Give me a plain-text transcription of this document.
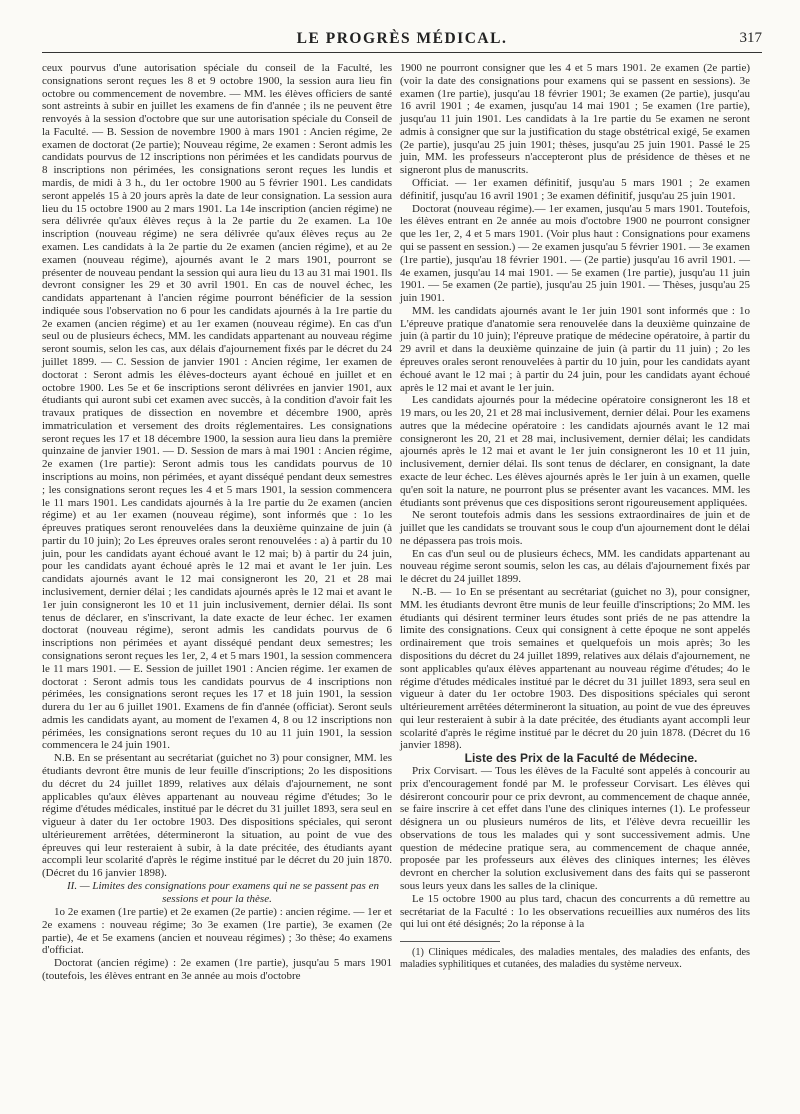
LE PROGRÈS MÉDICAL.	317

ceux pourvus d'une autorisation spéciale du conseil de la Faculté, les consignations seront reçues les 8 et 9 octobre 1900, la session aura lieu fin octobre ou commencement de novembre. — MM. les élèves officiers de santé sont astreints à subir en juillet les examens de fin d'année ; ils ne peuvent être renvoyés à la session d'octobre que sur une autorisation spéciale du Conseil de la Faculté. — B. Session de novembre 1900 à mars 1901 : Ancien régime, 2e examen de doctorat (2e partie); Nouveau régime, 2e examen : Seront admis les candidats pourvus de 12 inscriptions non périmées et les candidats pourvus de 8 inscriptions non périmées, les consignations seront reçues les lundis et mardis, de midi à 3 h., du 1er octobre 1900 au 5 février 1901. Les candidats seront appelés 15 à 20 jours après la date de leur consignation. La session aura lieu du 15 octobre 1900 au 2 mars 1901. La 14e inscription (ancien régime) ne sera délivrée qu'aux élèves reçus à la 2e partie du 2e examen. La 10e inscription (nouveau régime) ne sera délivrée qu'aux élèves reçus au 2e examen. Les candidats à la 2e partie du 2e examen (ancien régime), et au 2e examen (nouveau régime), ajournés avant le 2 mars 1901, pourront se présenter de nouveau pendant la session qui aura lieu du 13 au 31 mai 1901. Ils devront consigner les 29 et 30 avril 1901. En cas de nouvel échec, les candidats appartenant à l'ancien régime pourront bénéficier de la session indiquée sous l'observation no 6 pour les candidats ajournés à la 1re partie du 2e examen (ancien régime) et au 1er examen (nouveau régime). En cas d'un seul ou de plusieurs échecs, MM. les candidats appartenant au nouveau régime seront soumis, selon les cas, aux délais d'ajournement fixés par le décret du 24 juillet 1899. — C. Session de janvier 1901 : Ancien régime, 1er examen de doctorat : Seront admis les élèves-docteurs ayant échoué en juillet et en octobre 1900. Les 5e et 6e inscriptions seront délivrées en janvier 1901, aux étudiants qui auront subi cet examen avec succès, à la condition d'avoir fait les travaux pratiques de dissection en novembre et décembre 1900, après immatriculation et versement des droits réglementaires. Les consignations seront reçues les 17 et 18 décembre 1900, la session aura lieu dans la première quinzaine de janvier 1901. — D. Session de mars à mai 1901 : Ancien régime, 2e examen (1re partie): Seront admis tous les candidats pourvus de 10 inscriptions au moins, non périmées, et ayant disséqué pendant deux semestres ; les consignations seront reçues les 4 et 5 mars 1901, la session commencera le 11 mars 1901. Les candidats ajournés à la 1re partie du 2e examen (ancien régime) et au 1er examen (nouveau régime), sont informés que : 1o les épreuves pratiques seront renouvelées dans la deuxième quinzaine de juin (à partir du 10 juin); 2o Les épreuves orales seront renouvelées : a) à partir du 10 juin, pour les candidats ayant échoué avant le 12 mai; b) à partir du 24 juin, pour les candidats ayant échoué après le 12 mai et avant le 1er juin. Les candidats ajournés avant le 12 mai consigneront les 20, 21 et 28 mai inclusivement, dernier délai ; les candidats ajournés après le 12 mai et avant le 1er juin consigneront les 10 et 11 juin inclusivement, dernier délai. Ils sont tenus de déclarer, en s'inscrivant, la date exacte de leur échec. 1er examen doctorat (nouveau régime), seront admis les candidats pourvus de 6 inscriptions non périmées et ayant disséqué pendant deux semestres; les consignations seront reçues les 1er, 2, 4 et 5 mars 1901, la session commencera le 11 mars 1901. — E. Session de juillet 1901 : Ancien régime. 1er examen de doctorat : Seront admis tous les candidats pourvus de 4 inscriptions non périmées, les consignations seront reçues les 17 et 18 juin 1901, la session durera du 1er au 6 juillet 1901. Examens de fin d'année (officiat). Seront seuls admis les candidats ayant, au moment de l'examen 4, 8 ou 12 inscriptions non périmées, les consignations seront reçues du 10 au 11 juin 1901, la session commencera le 24 juin 1901.

N.B. En se présentant au secrétariat (guichet no 3) pour consigner, MM. les étudiants devront être munis de leur feuille d'inscriptions; 2o les dispositions du décret du 24 juillet 1899, relatives aux délais d'ajournement, ne sont applicables qu'aux élèves appartenant au nouveau régime d'études; 3o le régime d'études médicales, institué par le décret du 31 juillet 1893, sera seul en vigueur à dater du 1er octobre 1903. Des dispositions spéciales, qui seront ultérieurement arrêtées, détermineront la situation, au point de vue des épreuves qui leur resteraient à subir, à la date précitée, des étudiants ayant accompli leur scolarité d'après le régime institué par le décret du 20 juin 1870. (Décret du 16 janvier 1898).

II. — Limites des consignations pour examens qui ne se passent pas en sessions et pour la thèse.

1o 2e examen (1re partie) et 2e examen (2e partie) : ancien régime. — 1er et 2e examens : nouveau régime; 3o 3e examen (1re partie), 3e examen (2e partie), 4e et 5e examens (ancien et nouveau régimes) ; 3o thèse; 4o examens d'officiat.

Doctorat (ancien régime) : 2e examen (1re partie), jusqu'au 5 mars 1901 (toutefois, les élèves entrant en 3e année au mois d'octobre

1900 ne pourront consigner que les 4 et 5 mars 1901. 2e examen (2e partie) (voir la date des consignations pour examens qui se passent en sessions). 3e examen (1re partie), jusqu'au 18 février 1901; 3e examen (2e partie), jusqu'au 16 avril 1901 ; 4e examen, jusqu'au 14 mai 1901 ; 5e examen (1re partie), jusqu'au 11 juin 1901. Les candidats à la 1re partie du 5e examen ne seront admis à consigner que sur la justification du stage obstétrical exigé, 5e examen (2e partie), jusqu'au 25 juin 1901; thèses, jusqu'au 25 juin 1901. Passé le 25 juin, MM. les professeurs n'accepteront plus de présidence de thèses et ne signeront plus de manuscrits.

Officiat. — 1er examen définitif, jusqu'au 5 mars 1901 ; 2e examen définitif, jusqu'au 16 avril 1901 ; 3e examen définitif, jusqu'au 25 juin 1901.

Doctorat (nouveau régime).— 1er examen, jusqu'au 5 mars 1901. Toutefois, les élèves entrant en 2e année au mois d'octobre 1900 ne pourront consigner que les 1er, 2, 4 et 5 mars 1901. (Voir plus haut : Consignations pour examens qui se passent en session.) — 2e examen jusqu'au 5 février 1901. — 3e examen (1re partie), jusqu'au 18 février 1901. — (2e partie) jusqu'au 16 avril 1901. — 4e examen, jusqu'au 14 mai 1901. — 5e examen (1re partie), jusqu'au 11 juin 1901. — 5e examen (2e partie), jusqu'au 25 juin 1901. — Thèses, jusqu'au 25 juin 1901.

MM. les candidats ajournés avant le 1er juin 1901 sont informés que : 1o L'épreuve pratique d'anatomie sera renouvelée dans la deuxième quinzaine de juin (à partir du 10 juin); l'épreuve pratique de médecine opératoire, à partir du 29 avril et dans la deuxième quinzaine de juin (à partir du 11 juin) ; 2o les épreuves orales seront renouvelées à partir du 10 juin, pour les candidats ayant échoué avant le 12 mai ; à partir du 24 juin, pour les candidats ayant échoué après le 12 mai et avant le 1er juin.

Les candidats ajournés pour la médecine opératoire consigneront les 18 et 19 mars, ou les 20, 21 et 28 mai inclusivement, dernier délai. Pour les examens autres que la médecine opératoire : les candidats ajournés avant le 12 mai consigneront les 20, 21 et 28 mai, inclusivement, dernier délai; les candidats ajournés après le 12 mai et avant le 1er juin consigneront les 10 et 11 juin, inclusivement, dernier délai. Ils sont tenus de déclarer, en consignant, la date exacte de leur échec. Les élèves ajournés après le 1er juin à un examen, quelle qu'en soit la nature, ne pourront plus se présenter avant les vacances. MM. les étudiants sont prévenus que ces dispositions seront rigoureusement appliquées.

Ne seront toutefois admis dans les sessions extraordinaires de juin et de juillet que les candidats se trouvant sous le coup d'un ajournement dont le délai ne dépassera pas trois mois.

En cas d'un seul ou de plusieurs échecs, MM. les candidats appartenant au nouveau régime seront soumis, selon les cas, au délais d'ajournement fixés par le décret du 24 juillet 1899.

N.-B. — 1o En se présentant au secrétariat (guichet no 3), pour consigner, MM. les étudiants devront être munis de leur feuille d'inscriptions; 2o MM. les étudiants qui désirent terminer leurs études sont priés de ne pas attendre la limite des consignations. Ceux qui consignent à cette époque ne sont appelés ordinairement que trois semaines et quelquefois un mois après; 3o les dispositions du décret du 24 juillet 1899, relatives aux délais d'ajournement, ne sont applicables qu'aux élèves appartenant au nouveau régime d'études; 4o le régime d'études médicales institué par le décret du 31 juillet 1893, sera seul en vigueur à dater du 1er octobre 1903. Des dispositions spéciales qui seront ultérieurement arrêtées détermineront la situation, au point de vue des épreuves qui leur resteraient à subir à la date précitée, des étudiants ayant accompli leur scolarité d'après le régime institué par le décret du 20 juin 1878. (Décret du 16 janvier 1898).

Liste des Prix de la Faculté de Médecine.

Prix Corvisart. — Tous les élèves de la Faculté sont appelés à concourir au prix d'encouragement fondé par M. le professeur Corvisart. Les élèves qui désireront concourir pour ce prix devront, au commencement de chaque année, se faire inscrire à cet effet dans l'une des cliniques internes (1). Le professeur désignera un ou plusieurs numéros de lits, et l'élève devra recueillir les observations de tous les malades qui y sont successivement admis. Une question de médecine pratique sera, au commencement de chaque année, proposée par les professeurs aux élèves des cliniques internes; les élèves devront en chercher la solution exclusivement dans des faits qui se passeront sous leurs yeux dans les salles de la clinique.

Le 15 octobre 1900 au plus tard, chacun des concurrents a dû remettre au secrétariat de la Faculté : 1o les observations recueillies aux numéros des lits qui lui ont été désignés; 2o la réponse à la

(1) Cliniques médicales, des maladies mentales, des maladies des enfants, des maladies syphilitiques et cutanées, des maladies du système nerveux.
